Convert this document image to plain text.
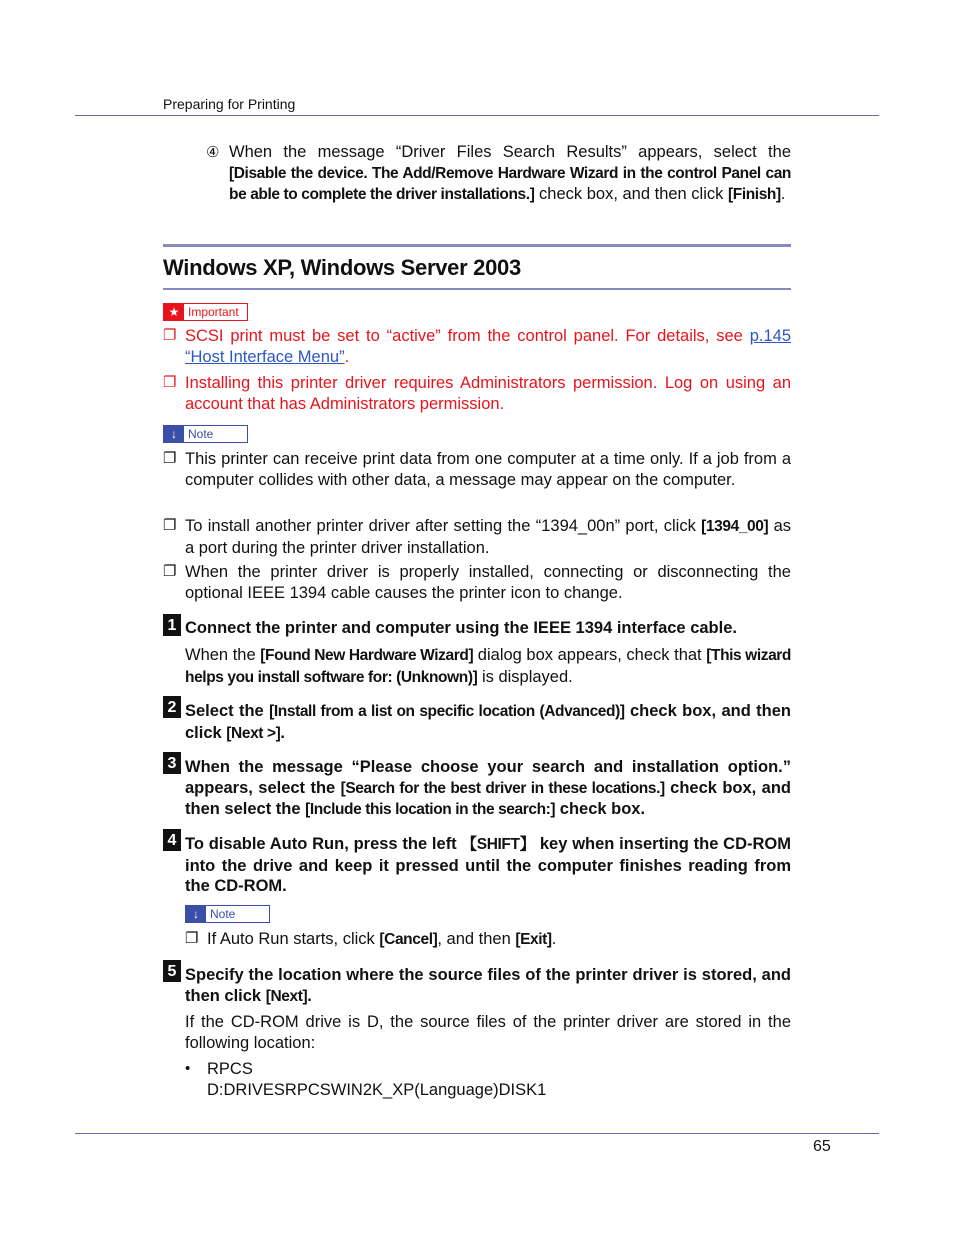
Preparing for Printing
④ When the message “Driver Files Search Results” appears, select the [Disable the device. The Add/Remove Hardware Wizard in the control Panel can be able to complete the driver installations.] check box, and then click [Finish].
Windows XP, Windows Server 2003
★ Important
❐ SCSI print must be set to “active” from the control panel. For details, see p.145 “Host Interface Menu”.
❐ Installing this printer driver requires Administrators permission. Log on using an account that has Administrators permission.
↓ Note
❐ This printer can receive print data from one computer at a time only. If a job from a computer collides with other data, a message may appear on the computer.
❐ To install another printer driver after setting the “1394_00n” port, click [1394_00] as a port during the printer driver installation.
❐ When the printer driver is properly installed, connecting or disconnecting the optional IEEE 1394 cable causes the printer icon to change.
1 Connect the printer and computer using the IEEE 1394 interface cable.
When the [Found New Hardware Wizard] dialog box appears, check that [This wizard helps you install software for: (Unknown)] is displayed.
2 Select the [Install from a list on specific location (Advanced)] check box, and then click [Next >].
3 When the message “Please choose your search and installation option.” appears, select the [Search for the best driver in these locations.] check box, and then select the [Include this location in the search:] check box.
4 To disable Auto Run, press the left 【SHIFT】 key when inserting the CD-ROM into the drive and keep it pressed until the computer finishes reading from the CD-ROM.
↓ Note
❐ If Auto Run starts, click [Cancel], and then [Exit].
5 Specify the location where the source files of the printer driver is stored, and then click [Next].
If the CD-ROM drive is D, the source files of the printer driver are stored in the following location:
• RPCS
D:DRIVESRPCSWIN2K_XP(Language)DISK1
65
